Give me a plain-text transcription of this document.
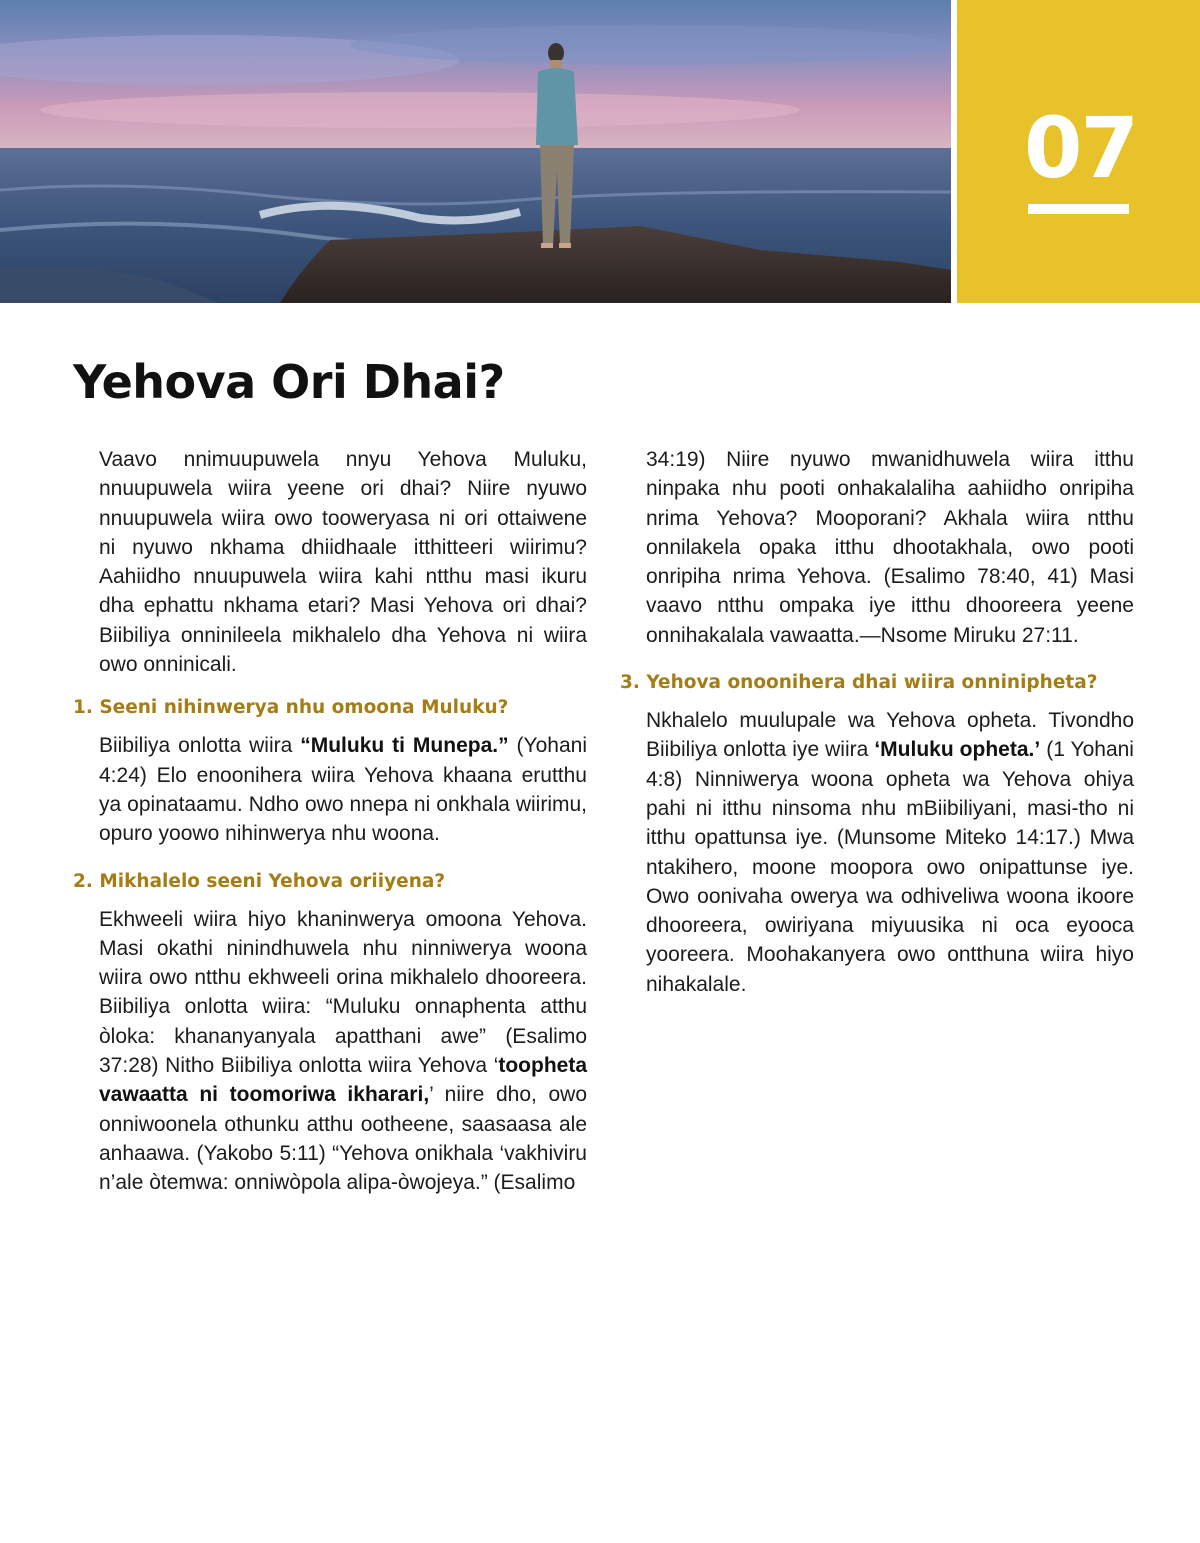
07
Yehova Ori Dhai?

Vaavo nnimuupuwela nnyu Yehova Muluku, nnuupuwela wiira yeene ori dhai? Niire nyuwo nnuupuwela wiira owo tooweryasa ni ori ottaiwene ni nyuwo nkhama dhiidhaale itthitteeri wiirimu? Aahiidho nnuupuwela wiira kahi ntthu masi ikuru dha ephattu nkhama etari? Masi Yehova ori dhai? Biibiliya onninileela mikhalelo dha Yehova ni wiira owo onninicali.

1. Seeni nihinwerya nhu omoona Muluku?

Biibiliya onlotta wiira “Muluku ti Munepa.” (Yohani 4:24) Elo enoonihera wiira Yehova khaana erutthu ya opinataamu. Ndho owo nnepa ni onkhala wiirimu, opuro yoowo nihinwerya nhu woona.

2. Mikhalelo seeni Yehova oriiyena?

Ekhweeli wiira hiyo khaninwerya omoona Yehova. Masi okathi ninindhuwela nhu ninniwerya woona wiira owo ntthu ekhweeli orina mikhalelo dhooreera. Biibiliya onlotta wiira: “Muluku onnaphenta atthu òloka: khananyanyala apatthani awe” (Esalimo 37:28) Nitho Biibiliya onlotta wiira Yehova ‘toopheta vawaatta ni toomoriwa ikharari,’ niire dho, owo onniwoonela othunku atthu ootheene, saasaasa ale anhaawa. (Yakobo 5:11) “Yehova onikhala ‘vakhiviru n’ale òtemwa: onniwòpola alipa-òwojeya.” (Esalimo

34:19) Niire nyuwo mwanidhuwela wiira itthu ninpaka nhu pooti onhakalaliha aahiidho onripiha nrima Yehova? Mooporani? Akhala wiira ntthu onnilakela opaka itthu dhootakhala, owo pooti onripiha nrima Yehova. (Esalimo 78:40, 41) Masi vaavo ntthu ompaka iye itthu dhooreera yeene onnihakalala vawaatta.—Nsome Miruku 27:11.

3. Yehova onoonihera dhai wiira onninipheta?

Nkhalelo muulupale wa Yehova opheta. Tivondho Biibiliya onlotta iye wiira ‘Muluku opheta.’ (1 Yohani 4:8) Ninniwerya woona opheta wa Yehova ohiya pahi ni itthu ninsoma nhu mBiibiliyani, masi-tho ni itthu opattunsa iye. (Munsome Miteko 14:17.) Mwa ntakihero, moone moopora owo onipattunse iye. Owo oonivaha owerya wa odhiveliwa woona ikoore dhooreera, owiriyana miyuusika ni oca eyooca yooreera. Moohakanyera owo ontthuna wiira hiyo nihakalale.
